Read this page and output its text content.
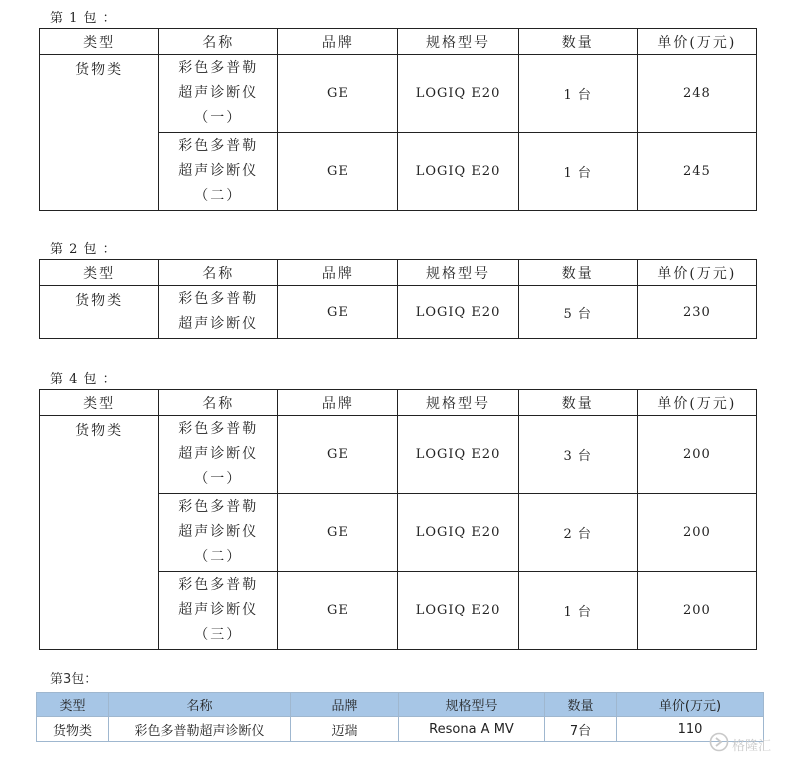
第 1 包 ：
类型	名称	品牌	规格型号	数量	单价(万元)
货物类	彩色多普勒
超声诊断仪
（一）	GE	LOGIQ E20	1 台	248

	彩色多普勒
超声诊断仪
（二）	GE	LOGIQ E20	1 台	245
第 2 包 ：
类型	名称	品牌	规格型号	数量	单价(万元)
货物类	彩色多普勒
超声诊断仪	GE	LOGIQ E20	5 台	230
第 4 包 ：
类型	名称	品牌	规格型号	数量	单价(万元)
货物类	彩色多普勒
超声诊断仪
（一）	GE	LOGIQ E20	3 台	200

	彩色多普勒
超声诊断仪
（二）	GE	LOGIQ E20	2 台	200

	彩色多普勒
超声诊断仪
（三）	GE	LOGIQ E20	1 台	200
第3包：
类型	名称	品牌	规格型号	数量	单价(万元)
货物类	彩色多普勒超声诊断仪	迈瑞	Resona A MV	7台	110
格隆汇
